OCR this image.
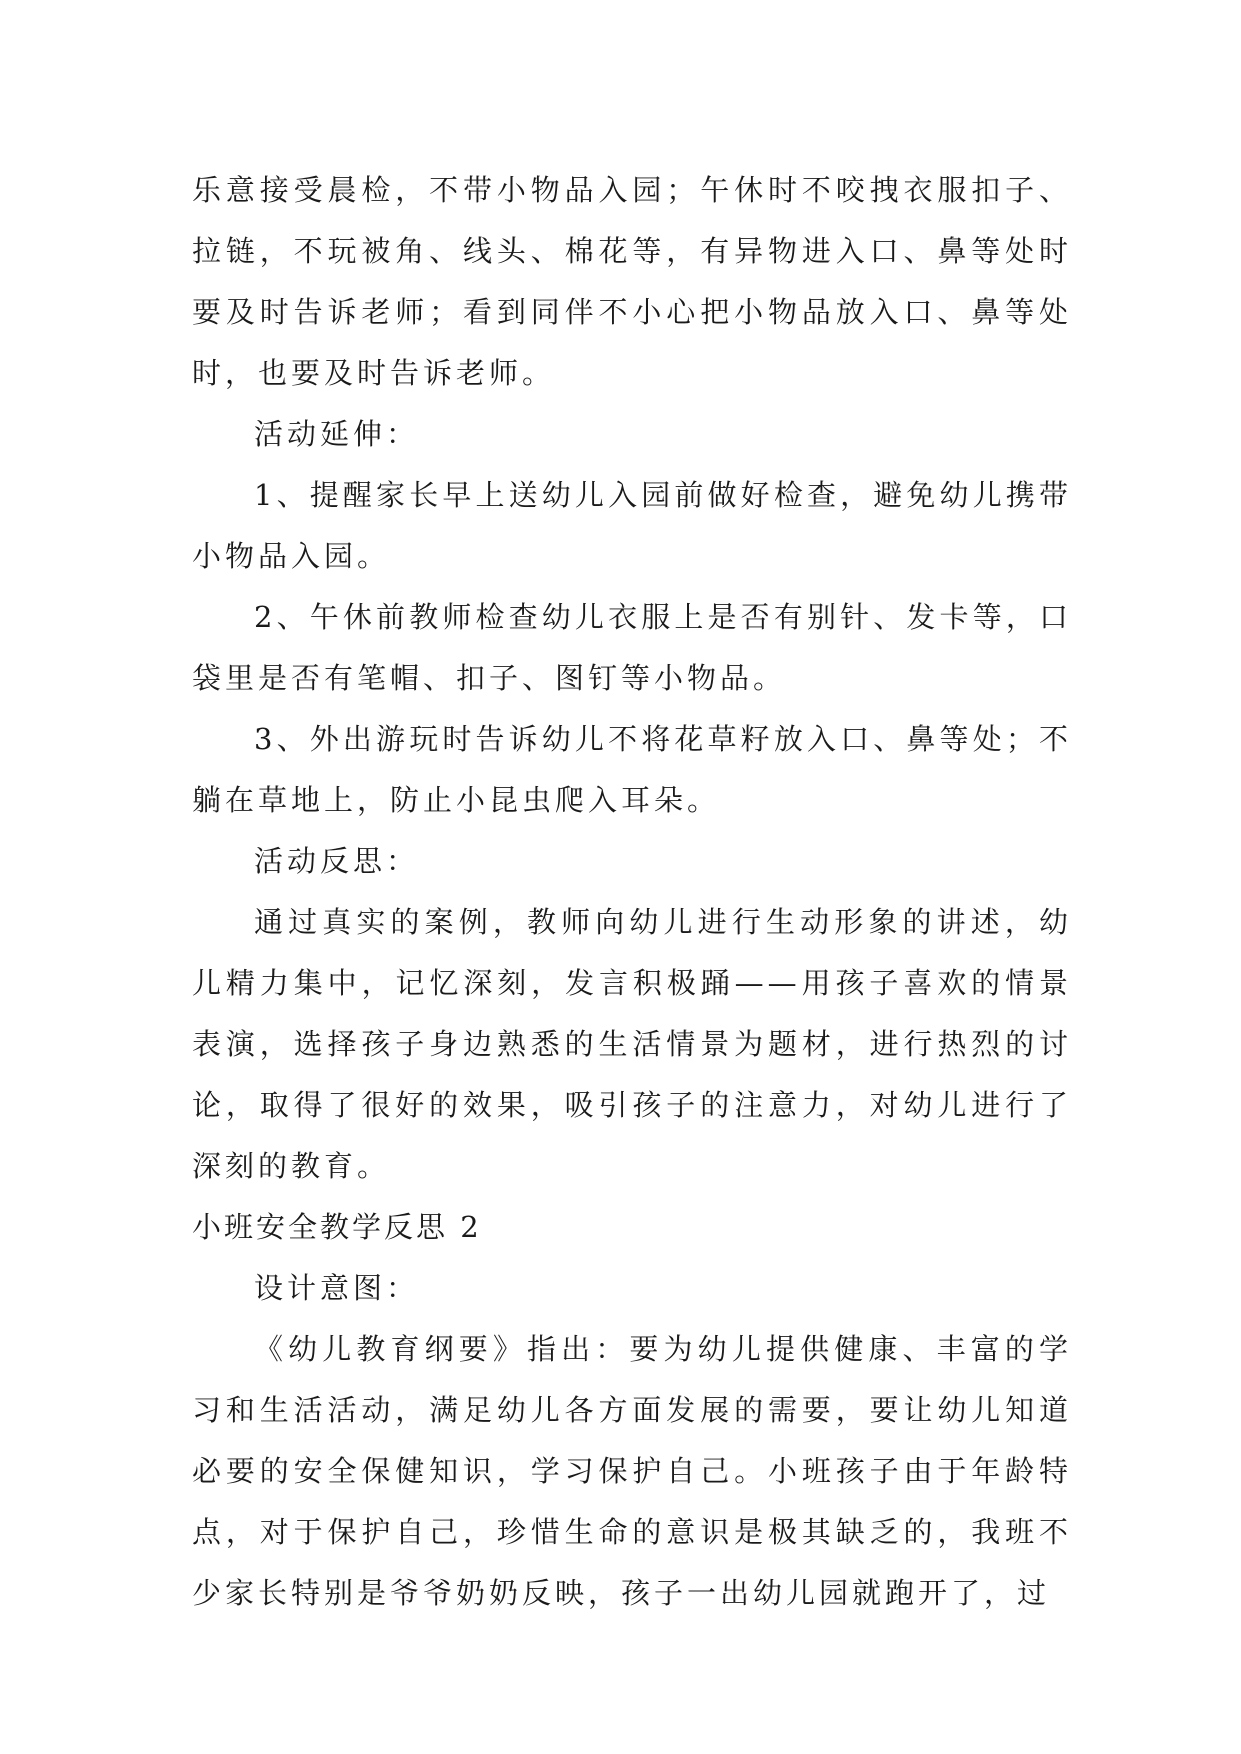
乐意接受晨检，不带小物品入园；午休时不咬拽衣服扣子、拉链，不玩被角、线头、棉花等，有异物进入口、鼻等处时要及时告诉老师；看到同伴不小心把小物品放入口、鼻等处时，也要及时告诉老师。

活动延伸：

1、提醒家长早上送幼儿入园前做好检查，避免幼儿携带小物品入园。

2、午休前教师检查幼儿衣服上是否有别针、发卡等，口袋里是否有笔帽、扣子、图钉等小物品。

3、外出游玩时告诉幼儿不将花草籽放入口、鼻等处；不躺在草地上，防止小昆虫爬入耳朵。

活动反思：

通过真实的案例，教师向幼儿进行生动形象的讲述，幼儿精力集中，记忆深刻，发言积极踊——用孩子喜欢的情景表演，选择孩子身边熟悉的生活情景为题材，进行热烈的讨论，取得了很好的效果，吸引孩子的注意力，对幼儿进行了深刻的教育。

小班安全教学反思 2

设计意图：

《幼儿教育纲要》指出：要为幼儿提供健康、丰富的学习和生活活动，满足幼儿各方面发展的需要，要让幼儿知道必要的安全保健知识，学习保护自己。小班孩子由于年龄特点，对于保护自己，珍惜生命的意识是极其缺乏的，我班不少家长特别是爷爷奶奶反映，孩子一出幼儿园就跑开了，过
